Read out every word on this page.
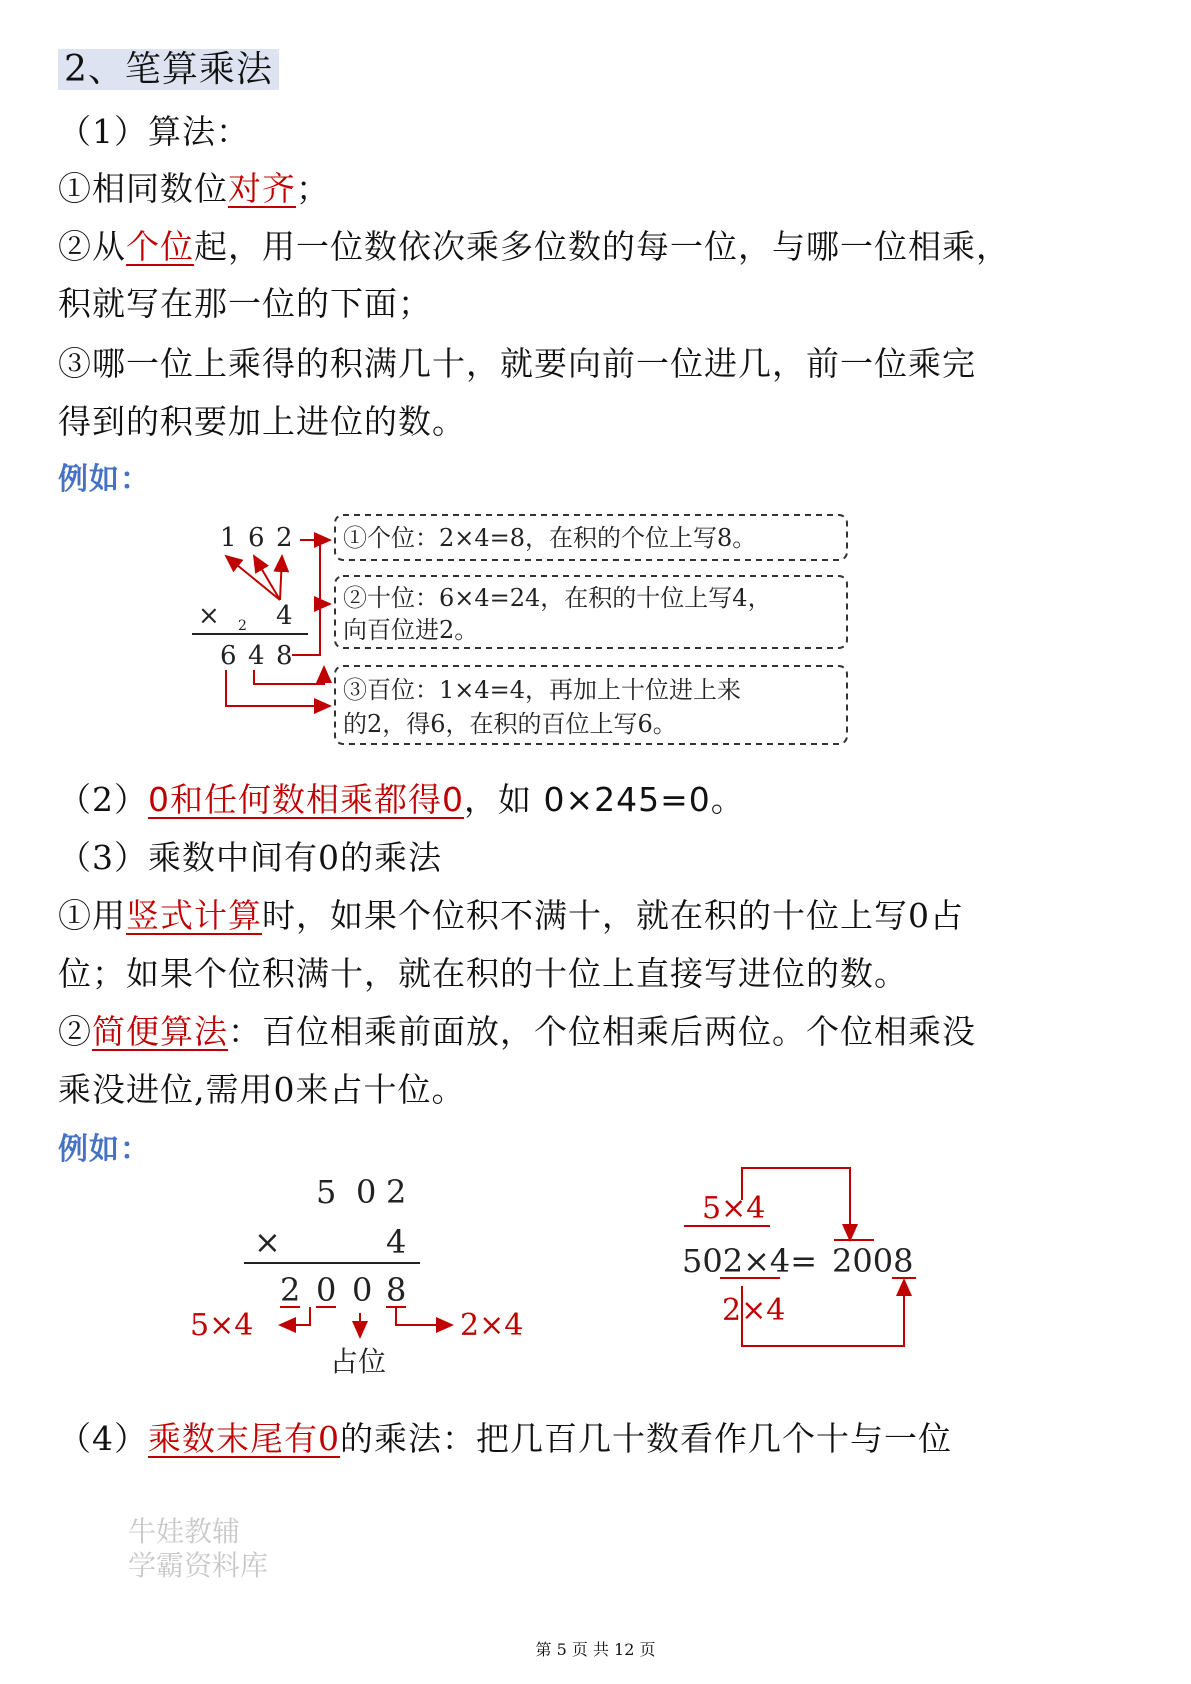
2、笔算乘法
（1）算法：
①相同数位对齐；
②从个位起，用一位数依次乘多位数的每一位，与哪一位相乘，
积就写在那一位的下面；
③哪一位上乘得的积满几十，就要向前一位进几，前一位乘完
得到的积要加上进位的数。
例如：
1 6 2
× 2 4
6 4 8
①个位：2×4=8，在积的个位上写8。
②十位：6×4=24，在积的十位上写4，
向百位进2。
③百位：1×4=4，再加上十位进上来
的2，得6，在积的百位上写6。
（2）0和任何数相乘都得0，如 0×245=0。
（3）乘数中间有0的乘法
①用竖式计算时，如果个位积不满十，就在积的十位上写0占
位；如果个位积满十，就在积的十位上直接写进位的数。
②简便算法：百位相乘前面放，个位相乘后两位。个位相乘没
乘没进位,需用0来占十位。
例如：
5 0 2
×	4
2 0 0 8
5×4	2×4
占位
5×4
502×4= 2008
2×4
（4）乘数末尾有0的乘法：把几百几十数看作几个十与一位
牛娃教辅
学霸资料库
第 5 页 共 12 页
